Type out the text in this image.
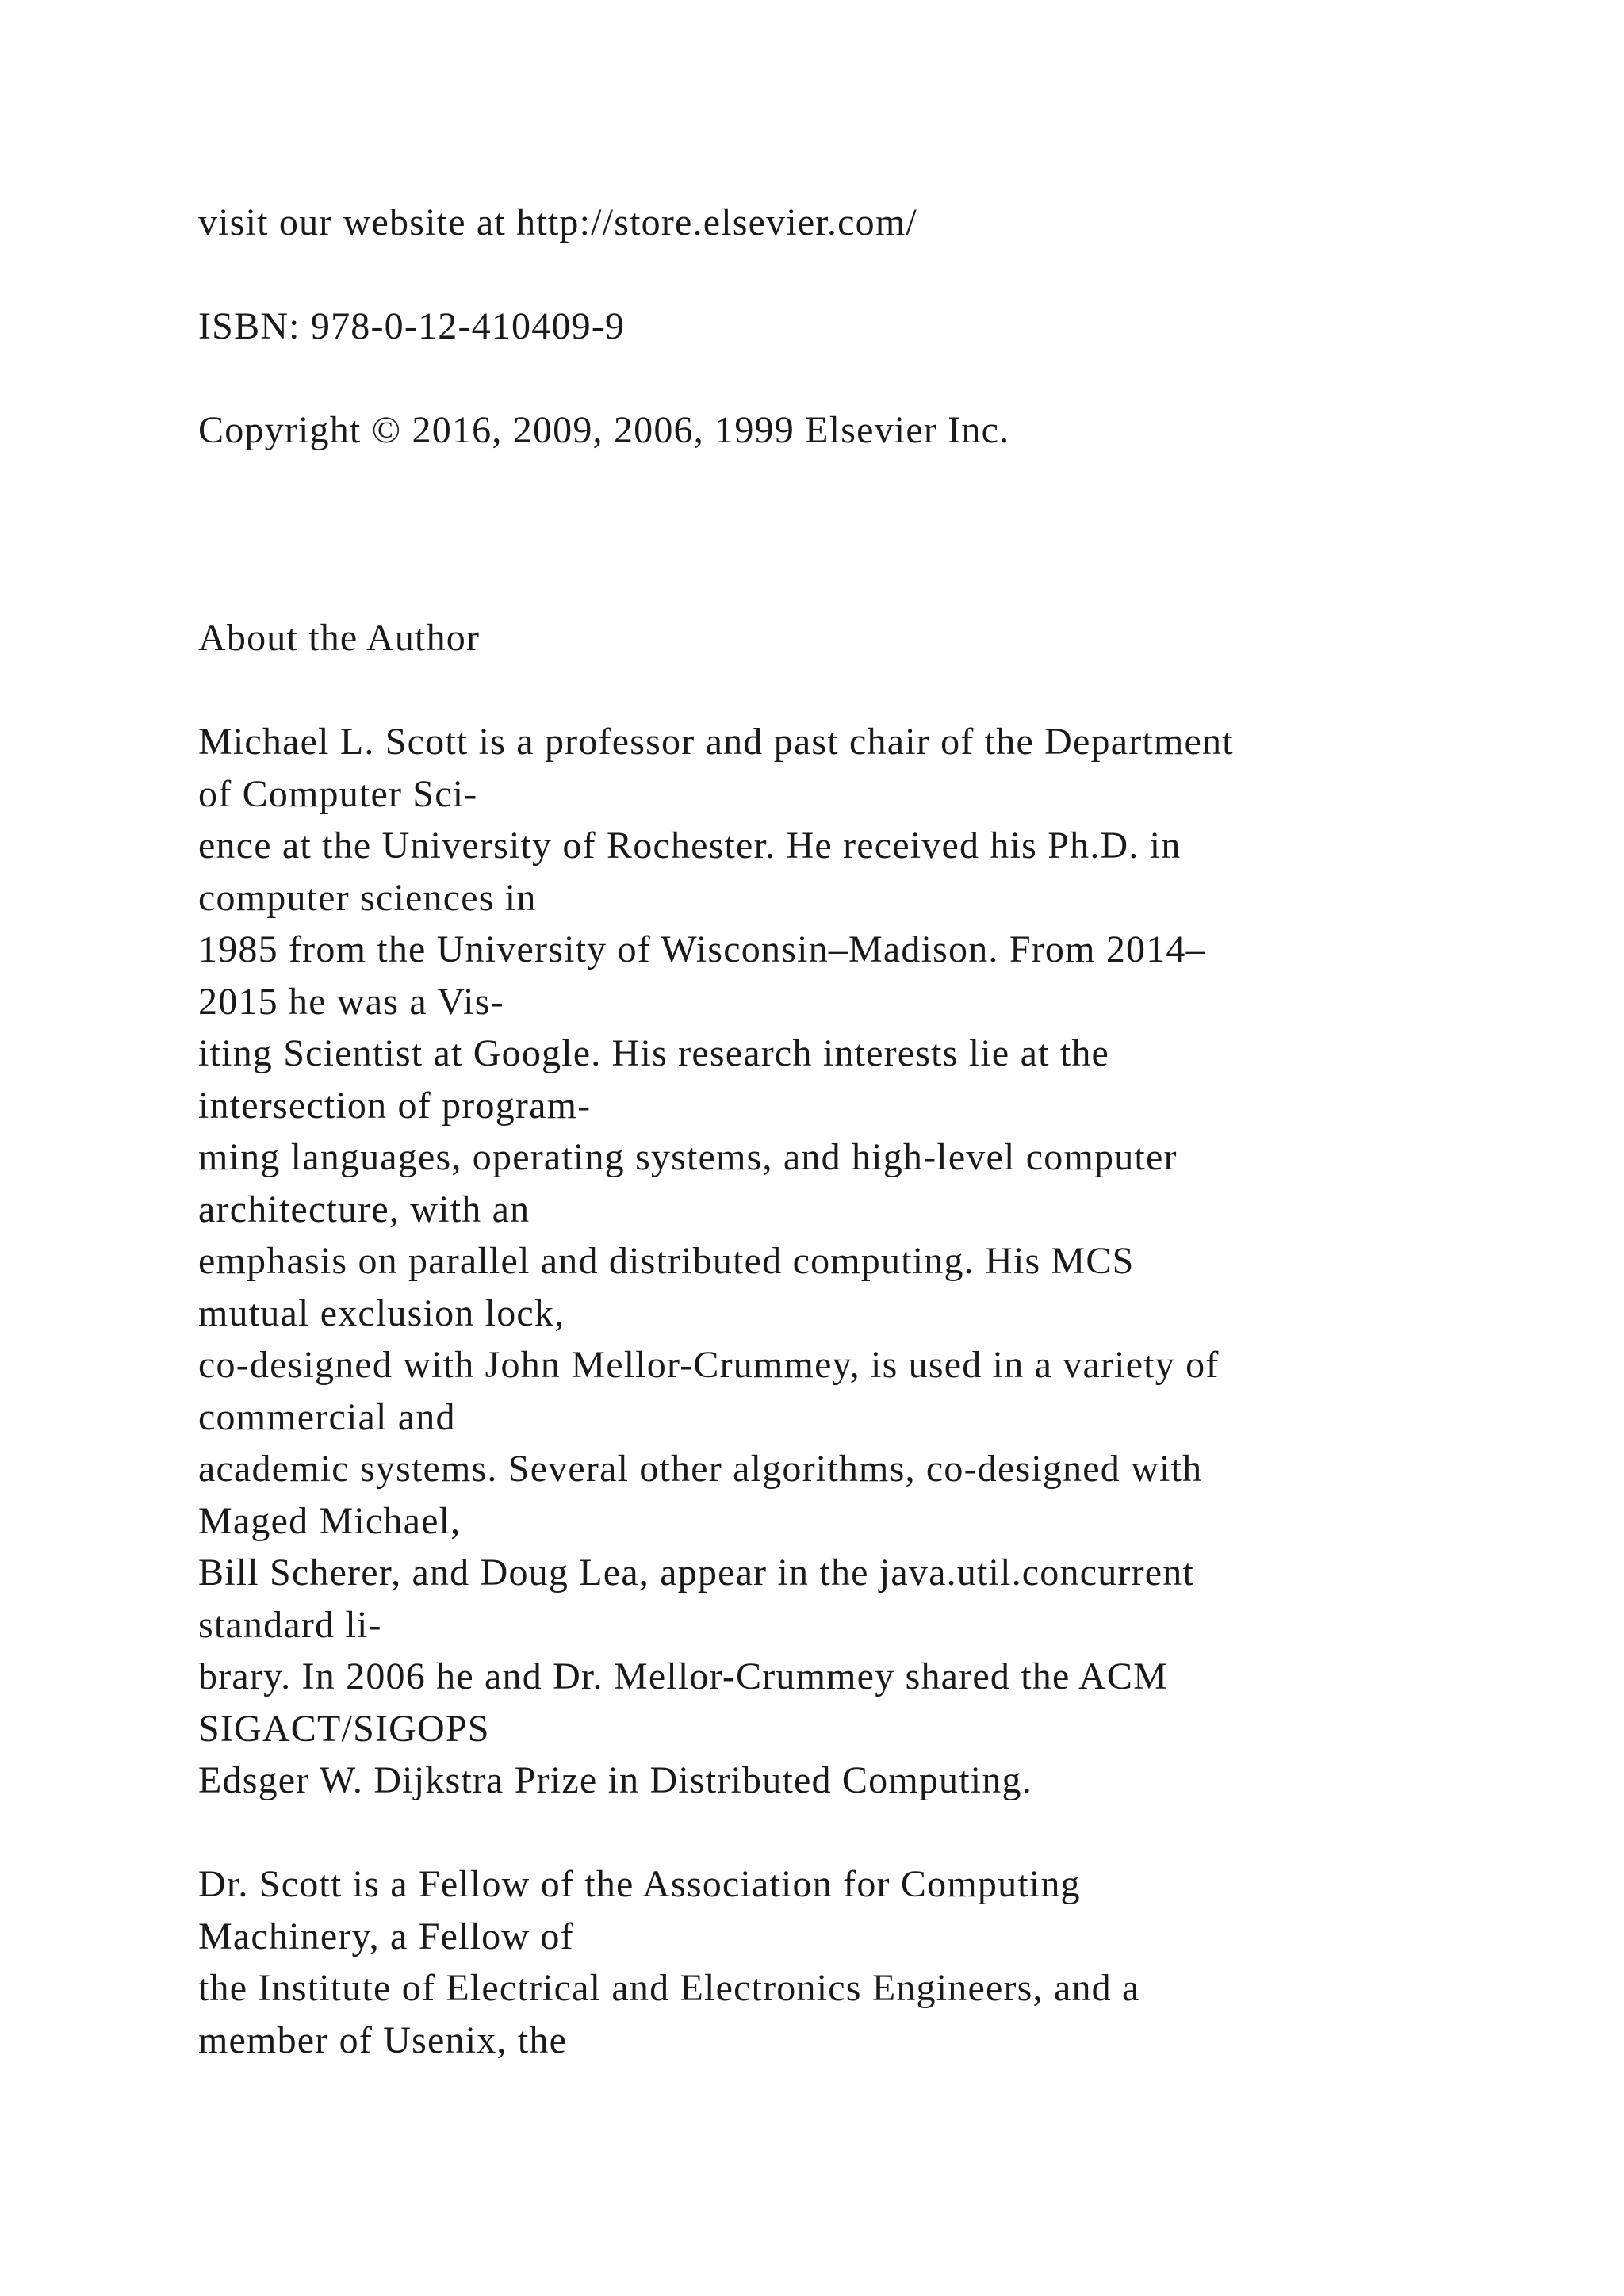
visit our website at http://store.elsevier.com/
ISBN: 978-0-12-410409-9
Copyright © 2016, 2009, 2006, 1999 Elsevier Inc.
About the Author
Michael L. Scott is a professor and past chair of the Department
of Computer Sci-
ence at the University of Rochester. He received his Ph.D. in
computer sciences in
1985 from the University of Wisconsin–Madison. From 2014–
2015 he was a Vis-
iting Scientist at Google. His research interests lie at the
intersection of program-
ming languages, operating systems, and high-level computer
architecture, with an
emphasis on parallel and distributed computing. His MCS
mutual exclusion lock,
co-designed with John Mellor-Crummey, is used in a variety of
commercial and
academic systems. Several other algorithms, co-designed with
Maged Michael,
Bill Scherer, and Doug Lea, appear in the java.util.concurrent
standard li-
brary. In 2006 he and Dr. Mellor-Crummey shared the ACM
SIGACT/SIGOPS
Edsger W. Dijkstra Prize in Distributed Computing.
Dr. Scott is a Fellow of the Association for Computing
Machinery, a Fellow of
the Institute of Electrical and Electronics Engineers, and a
member of Usenix, the
